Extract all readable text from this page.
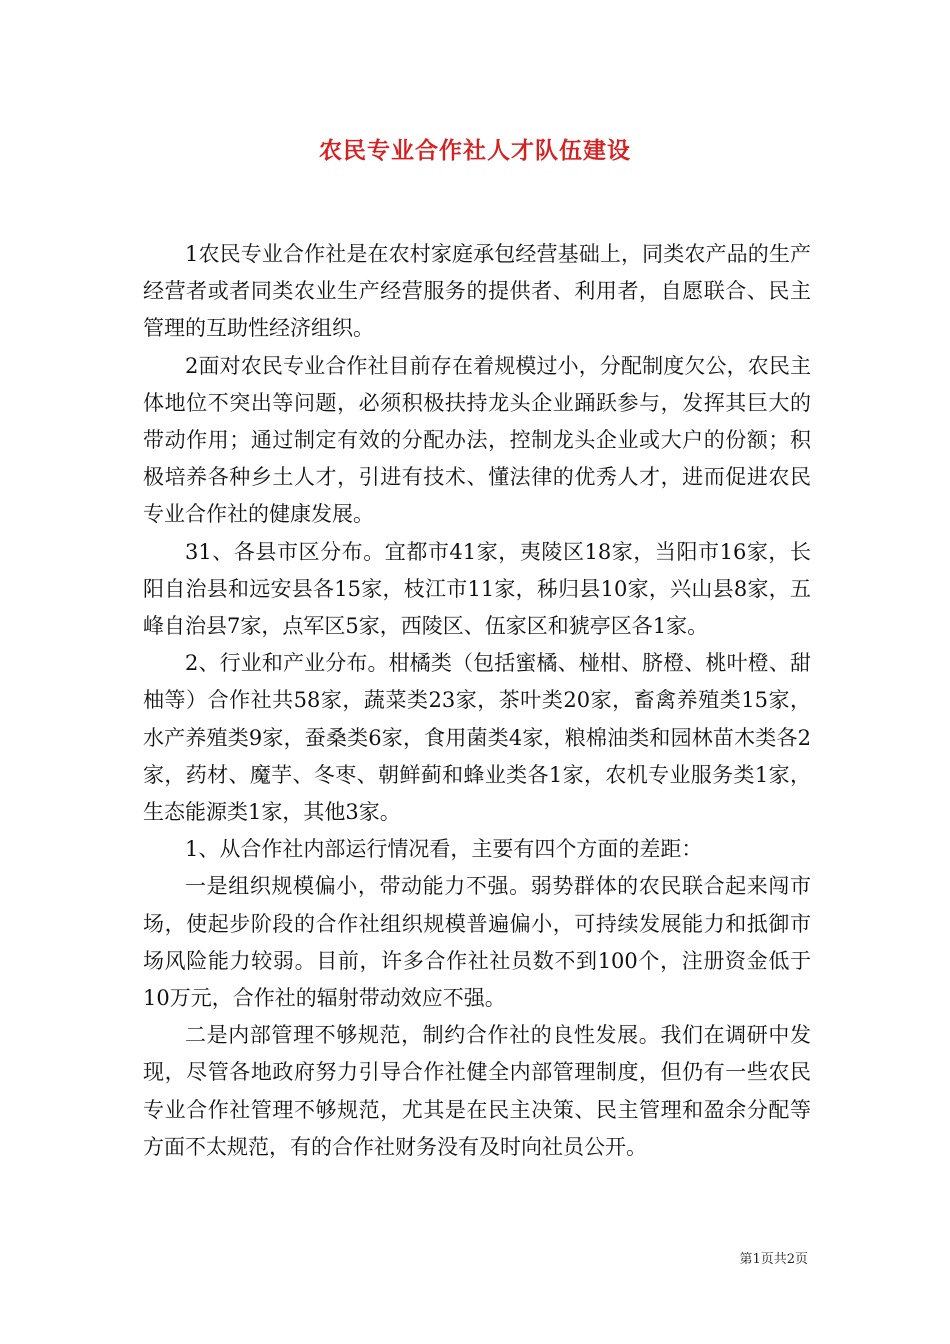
农民专业合作社人才队伍建设

1农民专业合作社是在农村家庭承包经营基础上，同类农产品的生产经营者或者同类农业生产经营服务的提供者、利用者，自愿联合、民主管理的互助性经济组织。

2面对农民专业合作社目前存在着规模过小，分配制度欠公，农民主体地位不突出等问题，必须积极扶持龙头企业踊跃参与，发挥其巨大的带动作用；通过制定有效的分配办法，控制龙头企业或大户的份额；积极培养各种乡土人才，引进有技术、懂法律的优秀人才，进而促进农民专业合作社的健康发展。

31、各县市区分布。宜都市41家，夷陵区18家，当阳市16家，长阳自治县和远安县各15家，枝江市11家，秭归县10家，兴山县8家，五峰自治县7家，点军区5家，西陵区、伍家区和猇亭区各1家。

2、行业和产业分布。柑橘类（包括蜜橘、椪柑、脐橙、桃叶橙、甜柚等）合作社共58家，蔬菜类23家，茶叶类20家，畜禽养殖类15家，水产养殖类9家，蚕桑类6家，食用菌类4家，粮棉油类和园林苗木类各2家，药材、魔芋、冬枣、朝鲜蓟和蜂业类各1家，农机专业服务类1家，生态能源类1家，其他3家。

1、从合作社内部运行情况看，主要有四个方面的差距：

一是组织规模偏小，带动能力不强。弱势群体的农民联合起来闯市场，使起步阶段的合作社组织规模普遍偏小，可持续发展能力和抵御市场风险能力较弱。目前，许多合作社社员数不到100个，注册资金低于10万元，合作社的辐射带动效应不强。

二是内部管理不够规范，制约合作社的良性发展。我们在调研中发现，尽管各地政府努力引导合作社健全内部管理制度，但仍有一些农民专业合作社管理不够规范，尤其是在民主决策、民主管理和盈余分配等方面不太规范，有的合作社财务没有及时向社员公开。

第1页共2页
